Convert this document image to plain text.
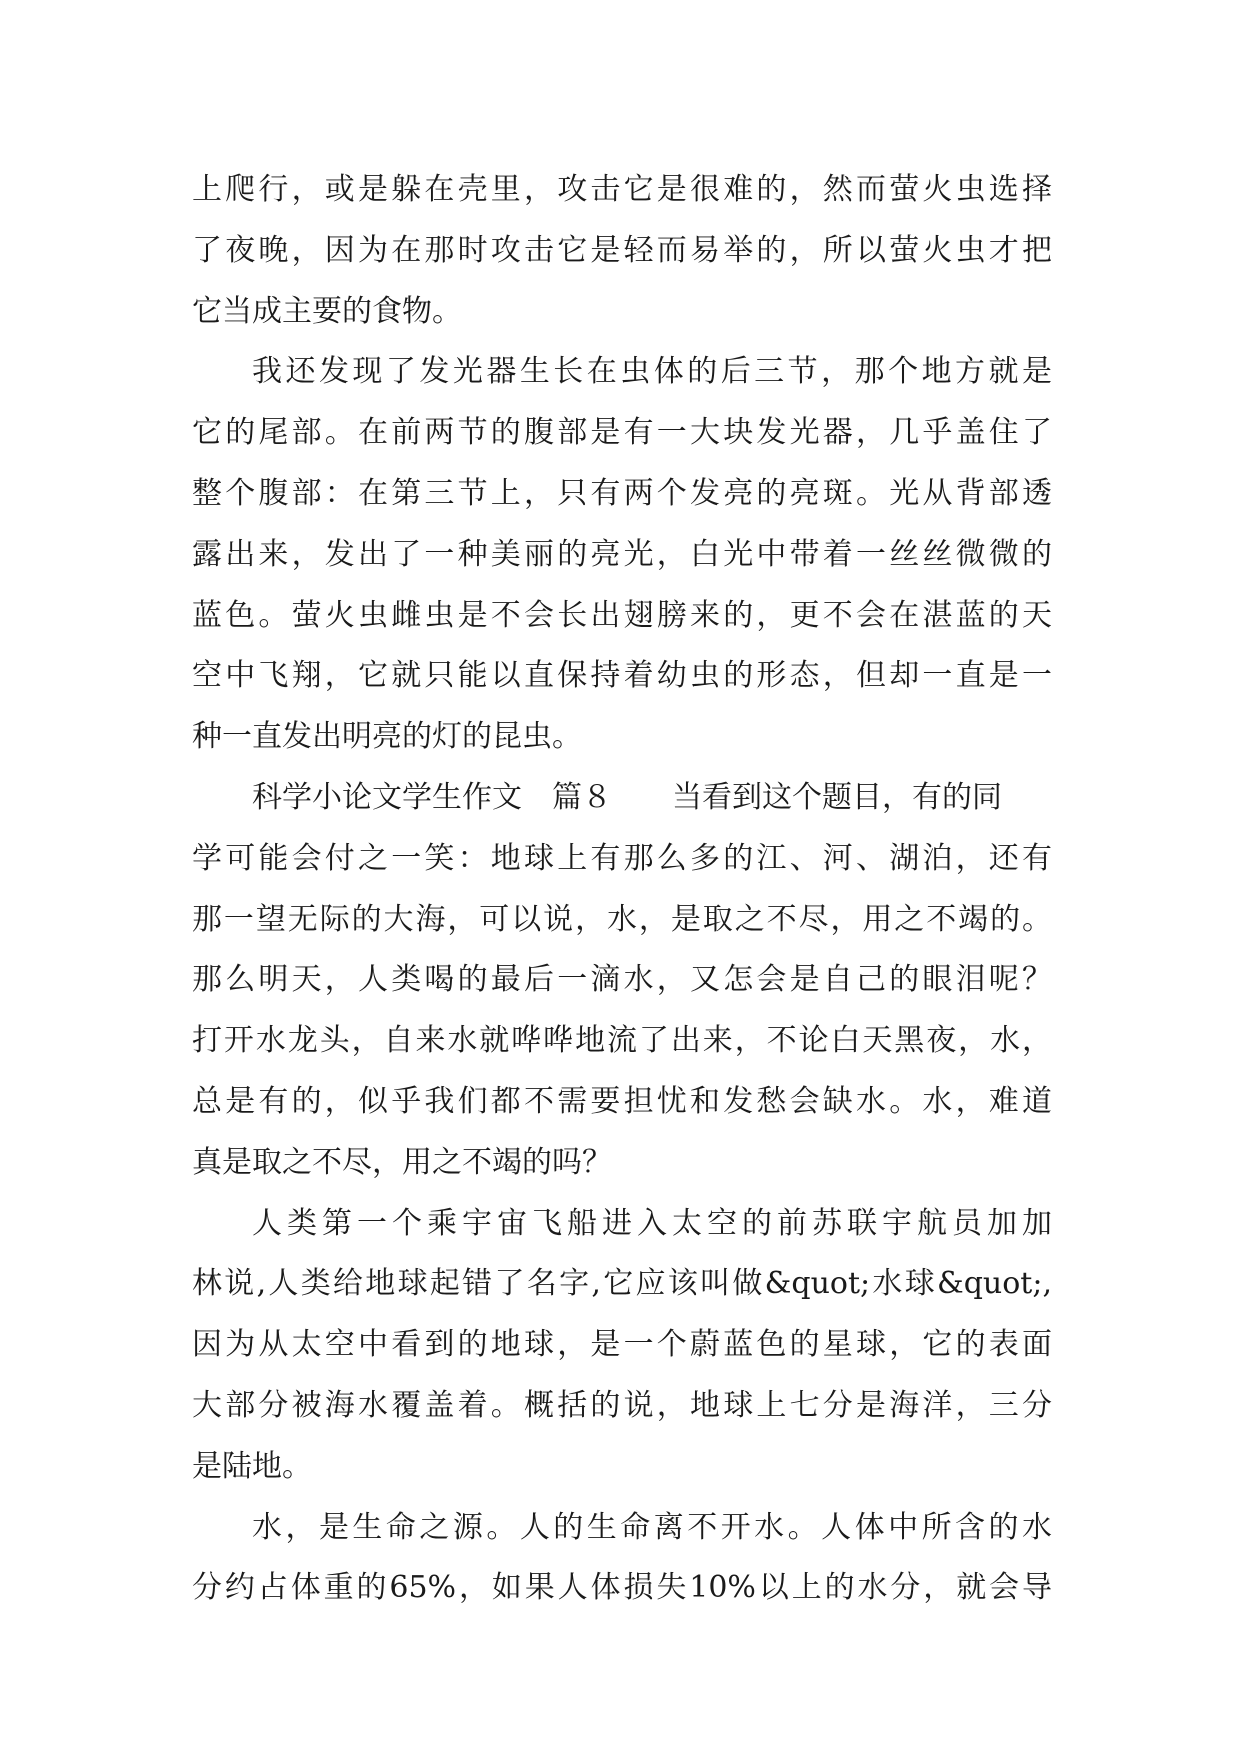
上爬行，或是躲在壳里，攻击它是很难的，然而萤火虫选择
了夜晚，因为在那时攻击它是轻而易举的，所以萤火虫才把
它当成主要的食物。
我还发现了发光器生长在虫体的后三节，那个地方就是
它的尾部。在前两节的腹部是有一大块发光器，几乎盖住了
整个腹部：在第三节上，只有两个发亮的亮斑。光从背部透
露出来，发出了一种美丽的亮光，白光中带着一丝丝微微的
蓝色。萤火虫雌虫是不会长出翅膀来的，更不会在湛蓝的天
空中飞翔，它就只能以直保持着幼虫的形态，但却一直是一
种一直发出明亮的灯的昆虫。
科学小论文学生作文　篇８　　当看到这个题目，有的同
学可能会付之一笑：地球上有那么多的江、河、湖泊，还有
那一望无际的大海，可以说，水，是取之不尽，用之不竭的。
那么明天，人类喝的最后一滴水，又怎会是自己的眼泪呢？
打开水龙头，自来水就哗哗地流了出来，不论白天黑夜，水，
总是有的，似乎我们都不需要担忧和发愁会缺水。水，难道
真是取之不尽，用之不竭的吗？
人类第一个乘宇宙飞船进入太空的前苏联宇航员加加
林说,人类给地球起错了名字,它应该叫做&quot;水球&quot;,
因为从太空中看到的地球，是一个蔚蓝色的星球，它的表面
大部分被海水覆盖着。概括的说，地球上七分是海洋，三分
是陆地。
水，是生命之源。人的生命离不开水。人体中所含的水
分约占体重的65%，如果人体损失10%以上的水分，就会导
